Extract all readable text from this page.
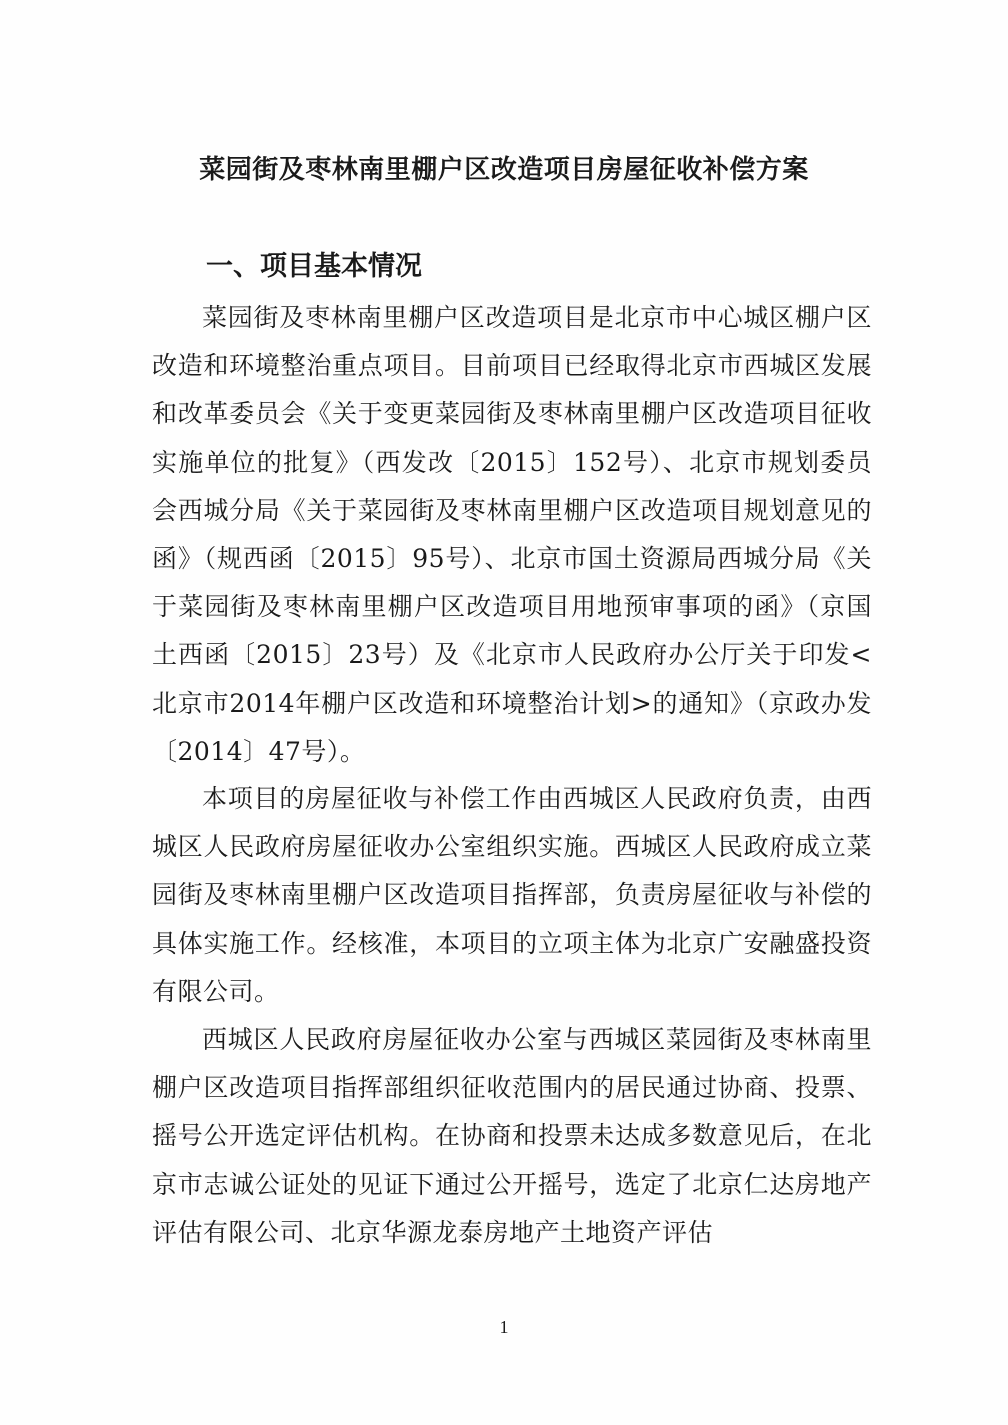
菜园街及枣林南里棚户区改造项目房屋征收补偿方案
一、项目基本情况

菜园街及枣林南里棚户区改造项目是北京市中心城区棚户区改造和环境整治重点项目。目前项目已经取得北京市西城区发展和改革委员会《关于变更菜园街及枣林南里棚户区改造项目征收实施单位的批复》（西发改〔2015〕152号）、北京市规划委员会西城分局《关于菜园街及枣林南里棚户区改造项目规划意见的函》（规西函〔2015〕95号）、北京市国土资源局西城分局《关于菜园街及枣林南里棚户区改造项目用地预审事项的函》（京国土西函〔2015〕23号）及《北京市人民政府办公厅关于印发<北京市2014年棚户区改造和环境整治计划>的通知》（京政办发〔2014〕47号）。

本项目的房屋征收与补偿工作由西城区人民政府负责，由西城区人民政府房屋征收办公室组织实施。西城区人民政府成立菜园街及枣林南里棚户区改造项目指挥部，负责房屋征收与补偿的具体实施工作。经核准，本项目的立项主体为北京广安融盛投资有限公司。

西城区人民政府房屋征收办公室与西城区菜园街及枣林南里棚户区改造项目指挥部组织征收范围内的居民通过协商、投票、摇号公开选定评估机构。在协商和投票未达成多数意见后，在北京市志诚公证处的见证下通过公开摇号，选定了北京仁达房地产评估有限公司、北京华源龙泰房地产土地资产评估

1
